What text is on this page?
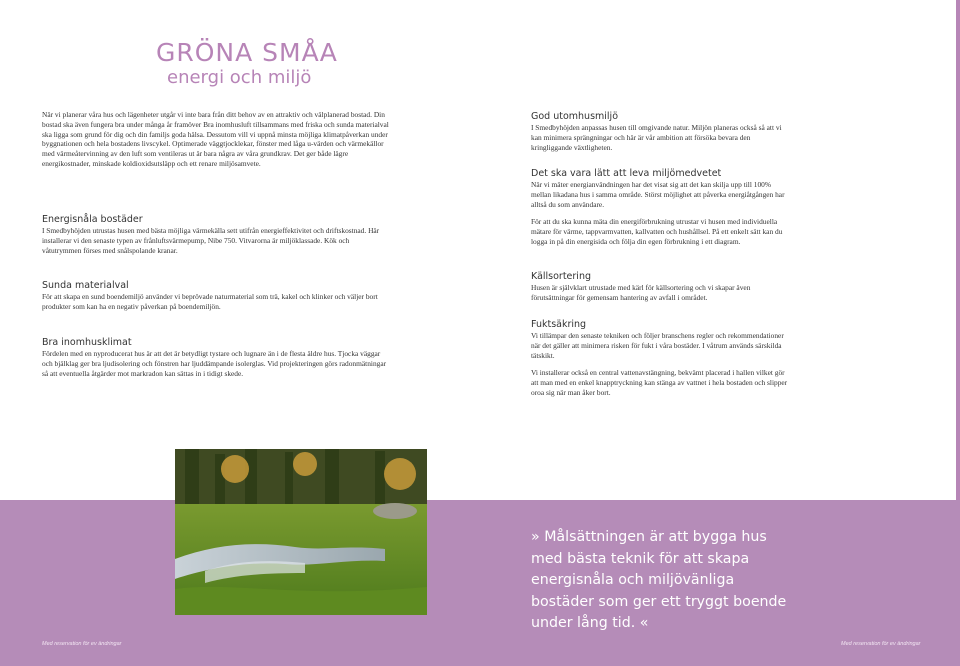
GRÖNA SMÅA
energi och miljö

När vi planerar våra hus och lägenheter utgår vi inte bara från ditt behov av en attraktiv och välplanerad bostad. Din bostad ska även fungera bra under många år framöver Bra inomhusluft tillsammans med friska och sunda materialval ska ligga som grund för dig och din familjs goda hälsa. Dessutom vill vi uppnå minsta möjliga klimatpåverkan under byggnationen och hela bostadens livscykel. Optimerade väggtjocklekar, fönster med låga u-värden och värmekällor med värmeåtervinning av den luft som ventileras ut är bara några av våra grundkrav. Det ger både lägre energikostnader, minskade koldioxidsutsläpp och ett renare miljösamvete.

Energisnåla bostäder

I Smedbyhöjden utrustas husen med bästa möjliga värmekälla sett utifrån energieffektivitet och driftskostnad. Här installerar vi den senaste typen av frånluftsvärmepump, Nibe 750. Vitvarorna är miljöklassade. Kök och våtutrymmen förses med snålspolande kranar.

Sunda materialval

För att skapa en sund boendemiljö använder vi beprövade naturmaterial som trä, kakel och klinker och väljer bort produkter som kan ha en negativ påverkan på boendemiljön.

Bra inomhusklimat

Fördelen med en nyproducerat hus är att det är betydligt tystare och lugnare än i de flesta äldre hus. Tjocka väggar och bjälklag ger bra ljudisolering och fönstren har ljuddämpande isolerglas. Vid projekteringen görs radonmätningar så att eventuella åtgärder mot markradon kan sättas in i tidigt skede.

God utomhusmiljö

I Smedbyhöjden anpassas husen till omgivande natur. Miljön planeras också så att vi kan minimera sprängningar och här är vår ambition att försöka bevara den kringliggande växtligheten.

Det ska vara lätt att leva miljömedvetet

När vi mäter energianvändningen har det visat sig att det kan skilja upp till 100% mellan likadana hus i samma område. Störst möjlighet att påverka energiåtgången har alltså du som användare.

För att du ska kunna mäta din energiförbrukning utrustar vi husen med individuella mätare för värme, tappvarmvatten, kallvatten och hushållsel. På ett enkelt sätt kan du logga in på din energisida och följa din egen förbrukning i ett diagram.

Källsortering

Husen är självklart utrustade med kärl för källsortering och vi skapar även förutsättningar för gemensam hantering av avfall i området.

Fuktsäkring

Vi tillämpar den senaste tekniken och följer branschens regler och rekommendationer när det gäller att minimera risken för fukt i våra bostäder. I våtrum används särskilda tätskikt.

Vi installerar också en central vattenavstängning, bekvämt placerad i hallen vilket gör att man med en enkel knapptryckning kan stänga av vattnet i hela bostaden och slipper oroa sig när man åker bort.

» Målsättningen är att bygga hus med bästa teknik för att skapa energisnåla och miljövänliga bostäder som ger ett tryggt boende under lång tid. «
Med reservation för ev ändringar	Med reservation för ev ändringar
